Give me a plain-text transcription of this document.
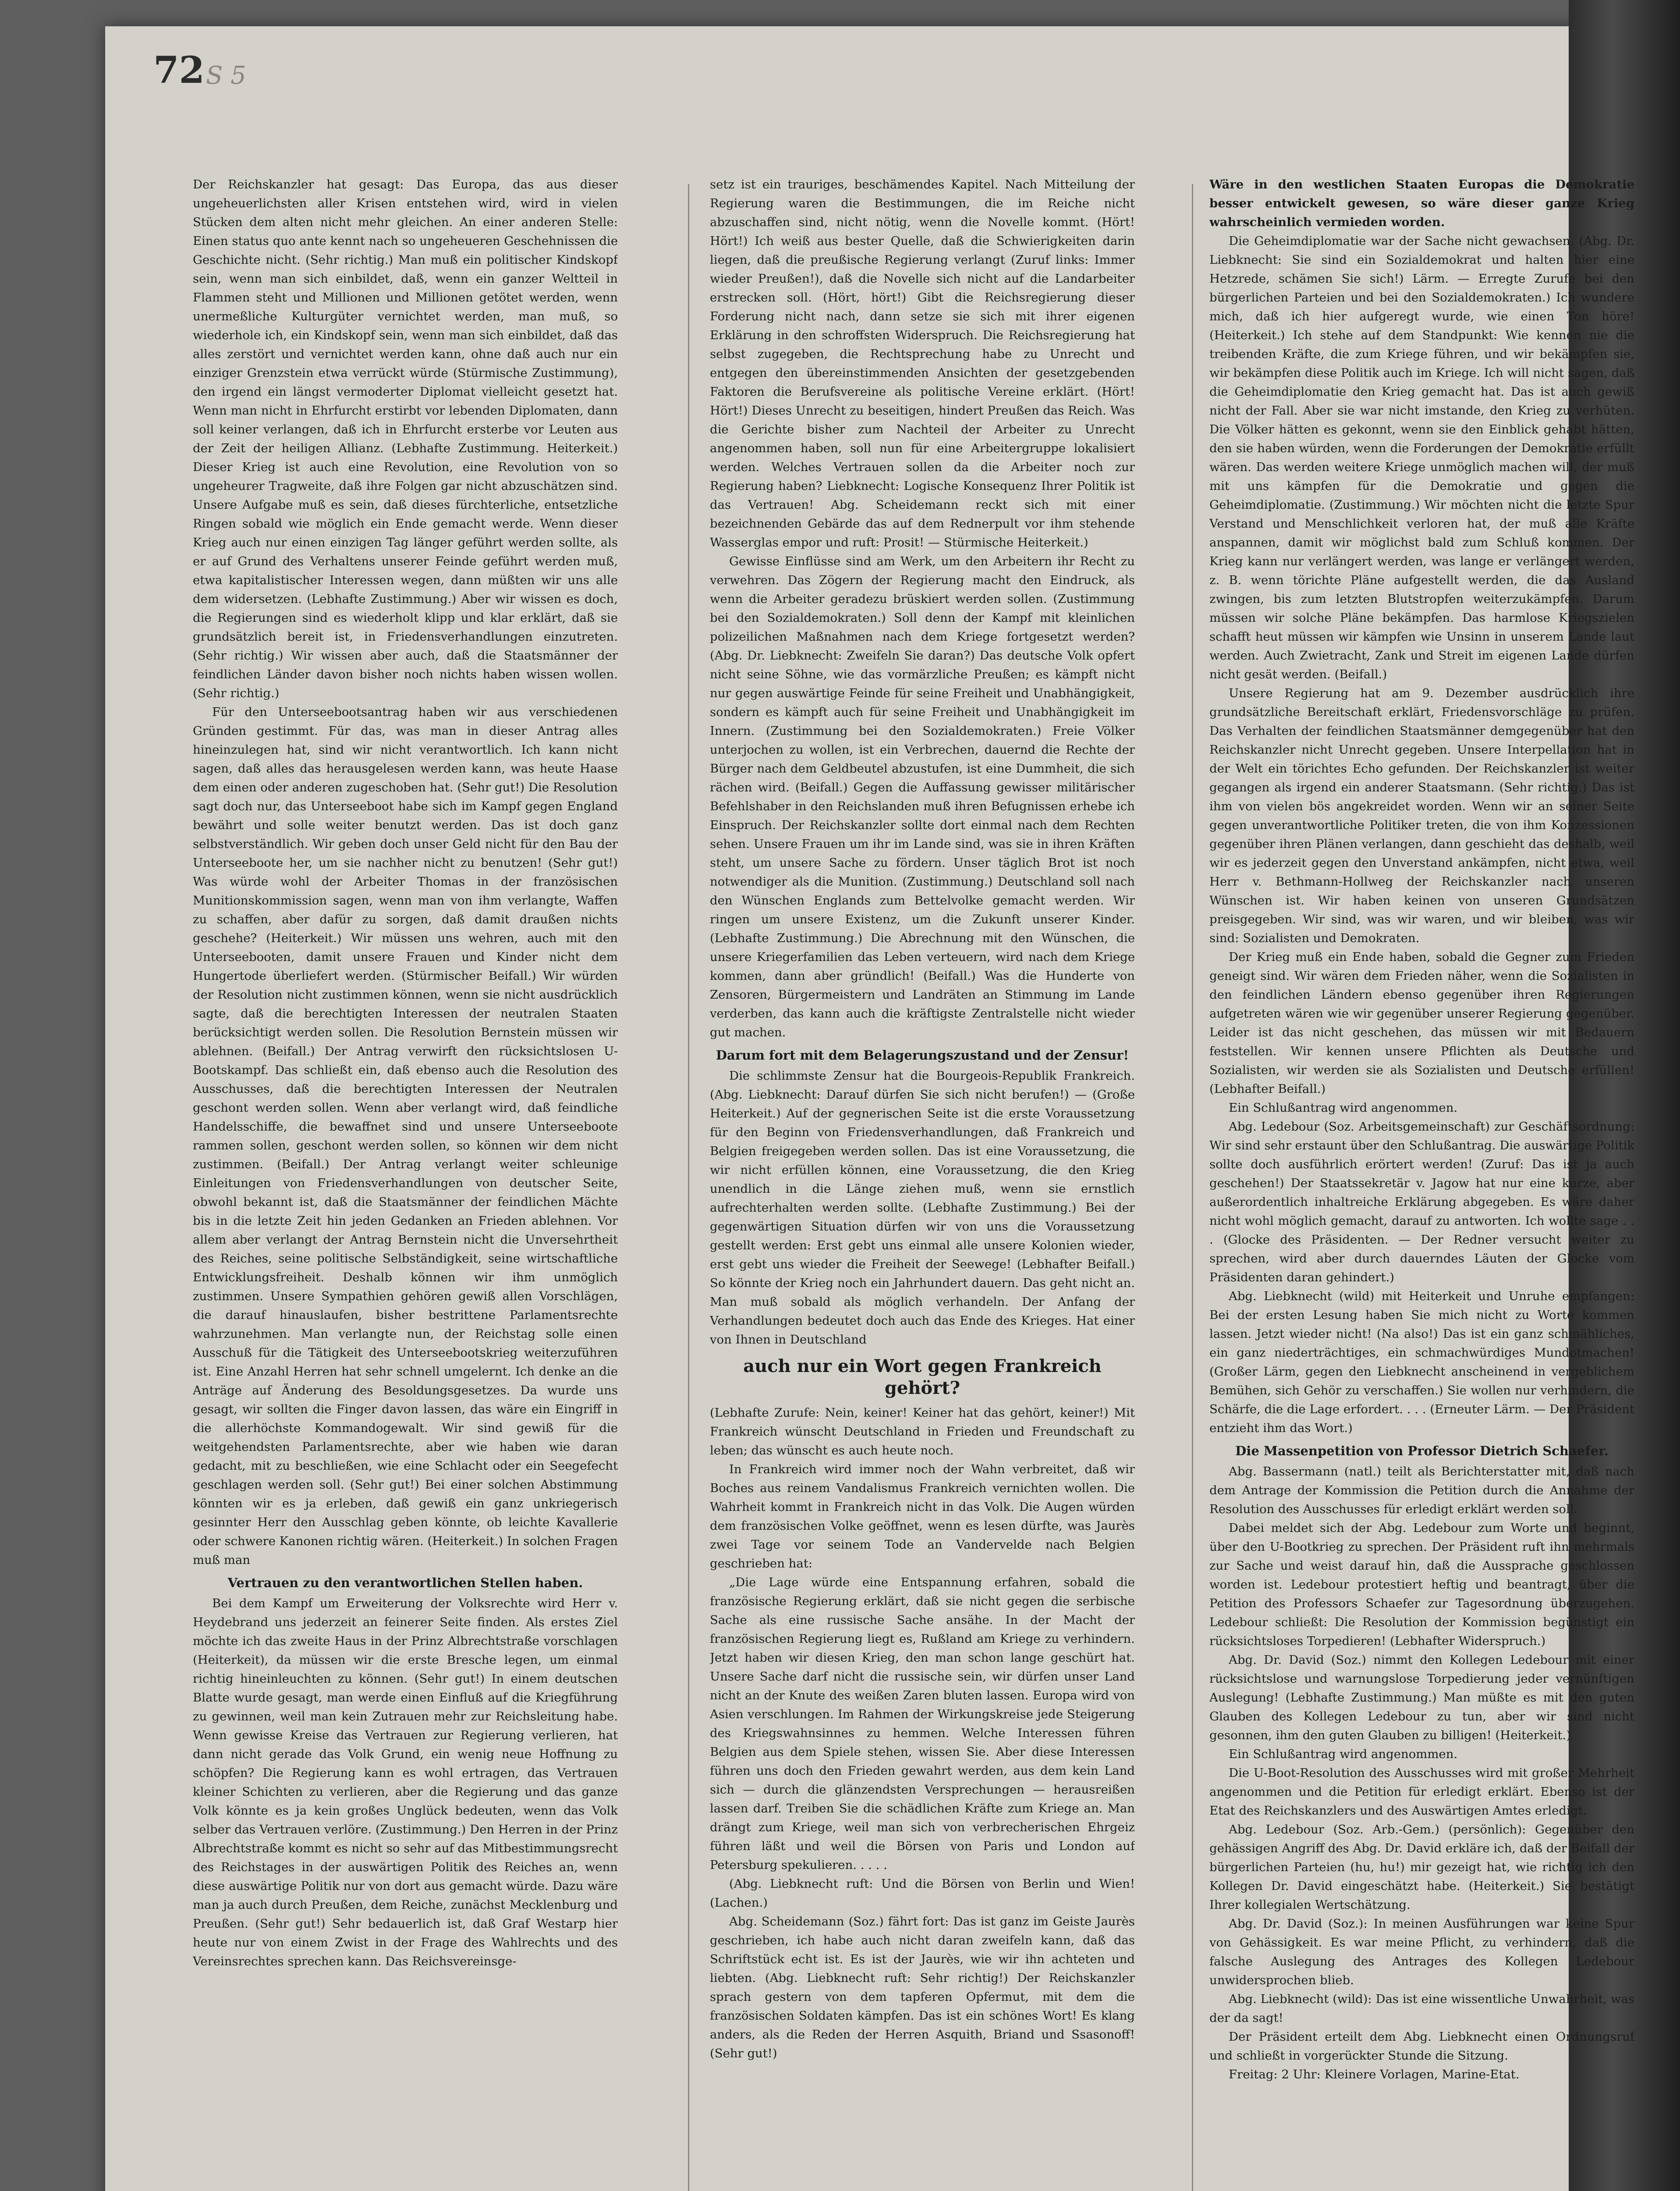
72 S 5

Der Reichskanzler hat gesagt: Das Europa, das aus dieser ungeheuerlichsten aller Krisen entstehen wird, wird in vielen Stücken dem alten nicht mehr gleichen. An einer anderen Stelle: Einen status quo ante kennt nach so ungeheueren Geschehnissen die Geschichte nicht. (Sehr richtig.) Man muß ein politischer Kindskopf sein, wenn man sich einbildet, daß, wenn ein ganzer Weltteil in Flammen steht und Millionen und Millionen getötet werden, wenn unermeßliche Kulturgüter vernichtet werden, man muß, so wiederhole ich, ein Kindskopf sein, wenn man sich einbildet, daß das alles zerstört und vernichtet werden kann, ohne daß auch nur ein einziger Grenzstein etwa verrückt würde (Stürmische Zustimmung), den irgend ein längst vermoderter Diplomat vielleicht gesetzt hat. Wenn man nicht in Ehrfurcht erstirbt vor lebenden Diplomaten, dann soll keiner verlangen, daß ich in Ehrfurcht ersterbe vor Leuten aus der Zeit der heiligen Allianz. (Lebhafte Zustimmung. Heiterkeit.) Dieser Krieg ist auch eine Revolution, eine Revolution von so ungeheurer Tragweite, daß ihre Folgen gar nicht abzuschätzen sind. Unsere Aufgabe muß es sein, daß dieses fürchterliche, entsetzliche Ringen sobald wie möglich ein Ende gemacht werde. Wenn dieser Krieg auch nur einen einzigen Tag länger geführt werden sollte, als er auf Grund des Verhaltens unserer Feinde geführt werden muß, etwa kapitalistischer Interessen wegen, dann müßten wir uns alle dem widersetzen. (Lebhafte Zustimmung.) Aber wir wissen es doch, die Regierungen sind es wiederholt klipp und klar erklärt, daß sie grundsätzlich bereit ist, in Friedensverhandlungen einzutreten. (Sehr richtig.) Wir wissen aber auch, daß die Staatsmänner der feindlichen Länder davon bisher noch nichts haben wissen wollen. (Sehr richtig.)

Für den Unterseebootsantrag haben wir aus verschiedenen Gründen gestimmt. Für das, was man in dieser Antrag alles hineinzulegen hat, sind wir nicht verantwortlich. Ich kann nicht sagen, daß alles das herausgelesen werden kann, was heute Haase dem einen oder anderen zugeschoben hat. (Sehr gut!) Die Resolution sagt doch nur, das Unterseeboot habe sich im Kampf gegen England bewährt und solle weiter benutzt werden. Das ist doch ganz selbstverständlich. Wir geben doch unser Geld nicht für den Bau der Unterseeboote her, um sie nachher nicht zu benutzen! (Sehr gut!) Was würde wohl der Arbeiter Thomas in der französischen Munitionskommission sagen, wenn man von ihm verlangte, Waffen zu schaffen, aber dafür zu sorgen, daß damit draußen nichts geschehe? (Heiterkeit.) Wir müssen uns wehren, auch mit den Unterseebooten, damit unsere Frauen und Kinder nicht dem Hungertode überliefert werden. (Stürmischer Beifall.) Wir würden der Resolution nicht zustimmen können, wenn sie nicht ausdrücklich sagte, daß die berechtigten Interessen der neutralen Staaten berücksichtigt werden sollen. Die Resolution Bernstein müssen wir ablehnen. (Beifall.) Der Antrag verwirft den rücksichtslosen U-Bootskampf. Das schließt ein, daß ebenso auch die Resolution des Ausschusses, daß die berechtigten Interessen der Neutralen geschont werden sollen. Wenn aber verlangt wird, daß feindliche Handelsschiffe, die bewaffnet sind und unsere Unterseeboote rammen sollen, geschont werden sollen, so können wir dem nicht zustimmen. (Beifall.) Der Antrag verlangt weiter schleunige Einleitungen von Friedensverhandlungen von deutscher Seite, obwohl bekannt ist, daß die Staatsmänner der feindlichen Mächte bis in die letzte Zeit hin jeden Gedanken an Frieden ablehnen. Vor allem aber verlangt der Antrag Bernstein nicht die Unversehrtheit des Reiches, seine politische Selbständigkeit, seine wirtschaftliche Entwicklungsfreiheit. Deshalb können wir ihm unmöglich zustimmen. Unsere Sympathien gehören gewiß allen Vorschlägen, die darauf hinauslaufen, bisher bestrittene Parlamentsrechte wahrzunehmen. Man verlangte nun, der Reichstag solle einen Ausschuß für die Tätigkeit des Unterseebootskrieg weiterzuführen ist. Eine Anzahl Herren hat sehr schnell umgelernt. Ich denke an die Anträge auf Änderung des Besoldungsgesetzes. Da wurde uns gesagt, wir sollten die Finger davon lassen, das wäre ein Eingriff in die allerhöchste Kommandogewalt. Wir sind gewiß für die weitgehendsten Parlamentsrechte, aber wie haben wie daran gedacht, mit zu beschließen, wie eine Schlacht oder ein Seegefecht geschlagen werden soll. (Sehr gut!) Bei einer solchen Abstimmung könnten wir es ja erleben, daß gewiß ein ganz unkriegerisch gesinnter Herr den Ausschlag geben könnte, ob leichte Kavallerie oder schwere Kanonen richtig wären. (Heiterkeit.) In solchen Fragen muß man

Vertrauen zu den verantwortlichen Stellen haben.

Bei dem Kampf um Erweiterung der Volksrechte wird Herr v. Heydebrand uns jederzeit an feinerer Seite finden. Als erstes Ziel möchte ich das zweite Haus in der Prinz Albrechtstraße vorschlagen (Heiterkeit), da müssen wir die erste Bresche legen, um einmal richtig hineinleuchten zu können. (Sehr gut!) In einem deutschen Blatte wurde gesagt, man werde einen Einfluß auf die Kriegführung zu gewinnen, weil man kein Zutrauen mehr zur Reichsleitung habe. Wenn gewisse Kreise das Vertrauen zur Regierung verlieren, hat dann nicht gerade das Volk Grund, ein wenig neue Hoffnung zu schöpfen? Die Regierung kann es wohl ertragen, das Vertrauen kleiner Schichten zu verlieren, aber die Regierung und das ganze Volk könnte es ja kein großes Unglück bedeuten, wenn das Volk selber das Vertrauen verlöre. (Zustimmung.) Den Herren in der Prinz Albrechtstraße kommt es nicht so sehr auf das Mitbestimmungsrecht des Reichstages in der auswärtigen Politik des Reiches an, wenn diese auswärtige Politik nur von dort aus gemacht würde. Dazu wäre man ja auch durch Preußen, dem Reiche, zunächst Mecklenburg und Preußen. (Sehr gut!) Sehr bedauerlich ist, daß Graf Westarp hier heute nur von einem Zwist in der Frage des Wahlrechts und des Vereinsrechtes sprechen kann. Das Reichsvereinsge-

setz ist ein trauriges, beschämendes Kapitel. Nach Mitteilung der Regierung waren die Bestimmungen, die im Reiche nicht abzuschaffen sind, nicht nötig, wenn die Novelle kommt. (Hört! Hört!) Ich weiß aus bester Quelle, daß die Schwierigkeiten darin liegen, daß die preußische Regierung verlangt (Zuruf links: Immer wieder Preußen!), daß die Novelle sich nicht auf die Landarbeiter erstrecken soll. (Hört, hört!) Gibt die Reichsregierung dieser Forderung nicht nach, dann setze sie sich mit ihrer eigenen Erklärung in den schroffsten Widerspruch. Die Reichsregierung hat selbst zugegeben, die Rechtsprechung habe zu Unrecht und entgegen den übereinstimmenden Ansichten der gesetzgebenden Faktoren die Berufsvereine als politische Vereine erklärt. (Hört! Hört!) Dieses Unrecht zu beseitigen, hindert Preußen das Reich. Was die Gerichte bisher zum Nachteil der Arbeiter zu Unrecht angenommen haben, soll nun für eine Arbeitergruppe lokalisiert werden. Welches Vertrauen sollen da die Arbeiter noch zur Regierung haben? Liebknecht: Logische Konsequenz Ihrer Politik ist das Vertrauen! Abg. Scheidemann reckt sich mit einer bezeichnenden Gebärde das auf dem Rednerpult vor ihm stehende Wasserglas empor und ruft: Prosit! — Stürmische Heiterkeit.)

Gewisse Einflüsse sind am Werk, um den Arbeitern ihr Recht zu verwehren. Das Zögern der Regierung macht den Eindruck, als wenn die Arbeiter geradezu brüskiert werden sollen. (Zustimmung bei den Sozialdemokraten.) Soll denn der Kampf mit kleinlichen polizeilichen Maßnahmen nach dem Kriege fortgesetzt werden? (Abg. Dr. Liebknecht: Zweifeln Sie daran?) Das deutsche Volk opfert nicht seine Söhne, wie das vormärzliche Preußen; es kämpft nicht nur gegen auswärtige Feinde für seine Freiheit und Unabhängigkeit, sondern es kämpft auch für seine Freiheit und Unabhängigkeit im Innern. (Zustimmung bei den Sozialdemokraten.) Freie Völker unterjochen zu wollen, ist ein Verbrechen, dauernd die Rechte der Bürger nach dem Geldbeutel abzustufen, ist eine Dummheit, die sich rächen wird. (Beifall.) Gegen die Auffassung gewisser militärischer Befehlshaber in den Reichslanden muß ihren Befugnissen erhebe ich Einspruch. Der Reichskanzler sollte dort einmal nach dem Rechten sehen. Unsere Frauen um ihr im Lande sind, was sie in ihren Kräften steht, um unsere Sache zu fördern. Unser täglich Brot ist noch notwendiger als die Munition. (Zustimmung.) Deutschland soll nach den Wünschen Englands zum Bettelvolke gemacht werden. Wir ringen um unsere Existenz, um die Zukunft unserer Kinder. (Lebhafte Zustimmung.) Die Abrechnung mit den Wünschen, die unsere Kriegerfamilien das Leben verteuern, wird nach dem Kriege kommen, dann aber gründlich! (Beifall.) Was die Hunderte von Zensoren, Bürgermeistern und Landräten an Stimmung im Lande verderben, das kann auch die kräftigste Zentralstelle nicht wieder gut machen.

Darum fort mit dem Belagerungszustand und der Zensur!

Die schlimmste Zensur hat die Bourgeois-Republik Frankreich. (Abg. Liebknecht: Darauf dürfen Sie sich nicht berufen!) — (Große Heiterkeit.) Auf der gegnerischen Seite ist die erste Voraussetzung für den Beginn von Friedensverhandlungen, daß Frankreich und Belgien freigegeben werden sollen. Das ist eine Voraussetzung, die wir nicht erfüllen können, eine Voraussetzung, die den Krieg unendlich in die Länge ziehen muß, wenn sie ernstlich aufrechterhalten werden sollte. (Lebhafte Zustimmung.) Bei der gegenwärtigen Situation dürfen wir von uns die Voraussetzung gestellt werden: Erst gebt uns einmal alle unsere Kolonien wieder, erst gebt uns wieder die Freiheit der Seewege! (Lebhafter Beifall.) So könnte der Krieg noch ein Jahrhundert dauern. Das geht nicht an. Man muß sobald als möglich verhandeln. Der Anfang der Verhandlungen bedeutet doch auch das Ende des Krieges. Hat einer von Ihnen in Deutschland

auch nur ein Wort gegen Frankreich gehört?

(Lebhafte Zurufe: Nein, keiner! Keiner hat das gehört, keiner!) Mit Frankreich wünscht Deutschland in Frieden und Freundschaft zu leben; das wünscht es auch heute noch.

In Frankreich wird immer noch der Wahn verbreitet, daß wir Boches aus reinem Vandalismus Frankreich vernichten wollen. Die Wahrheit kommt in Frankreich nicht in das Volk. Die Augen würden dem französischen Volke geöffnet, wenn es lesen dürfte, was Jaurès zwei Tage vor seinem Tode an Vandervelde nach Belgien geschrieben hat:

„Die Lage würde eine Entspannung erfahren, sobald die französische Regierung erklärt, daß sie nicht gegen die serbische Sache als eine russische Sache ansähe. In der Macht der französischen Regierung liegt es, Rußland am Kriege zu verhindern. Jetzt haben wir diesen Krieg, den man schon lange geschürt hat. Unsere Sache darf nicht die russische sein, wir dürfen unser Land nicht an der Knute des weißen Zaren bluten lassen. Europa wird von Asien verschlungen. Im Rahmen der Wirkungskreise jede Steigerung des Kriegswahnsinnes zu hemmen. Welche Interessen führen Belgien aus dem Spiele stehen, wissen Sie. Aber diese Interessen führen uns doch den Frieden gewahrt werden, aus dem kein Land sich — durch die glänzendsten Versprechungen — herausreißen lassen darf. Treiben Sie die schädlichen Kräfte zum Kriege an. Man drängt zum Kriege, weil man sich von verbrecherischen Ehrgeiz führen läßt und weil die Börsen von Paris und London auf Petersburg spekulieren. . . . .

(Abg. Liebknecht ruft: Und die Börsen von Berlin und Wien! (Lachen.)

Abg. Scheidemann (Soz.) fährt fort: Das ist ganz im Geiste Jaurès geschrieben, ich habe auch nicht daran zweifeln kann, daß das Schriftstück echt ist. Es ist der Jaurès, wie wir ihn achteten und liebten. (Abg. Liebknecht ruft: Sehr richtig!) Der Reichskanzler sprach gestern von dem tapferen Opfermut, mit dem die französischen Soldaten kämpfen. Das ist ein schönes Wort! Es klang anders, als die Reden der Herren Asquith, Briand und Ssasonoff! (Sehr gut!)

Wäre in den westlichen Staaten Europas die Demokratie besser entwickelt gewesen, so wäre dieser ganze Krieg wahrscheinlich vermieden worden.

Die Geheimdiplomatie war der Sache nicht gewachsen. (Abg. Dr. Liebknecht: Sie sind ein Sozialdemokrat und halten hier eine Hetzrede, schämen Sie sich!) Lärm. — Erregte Zurufe bei den bürgerlichen Parteien und bei den Sozialdemokraten.) Ich wundere mich, daß ich hier aufgeregt wurde, wie einen Ton höre! (Heiterkeit.) Ich stehe auf dem Standpunkt: Wie kennen nie die treibenden Kräfte, die zum Kriege führen, und wir bekämpfen sie, wir bekämpfen diese Politik auch im Kriege. Ich will nicht sagen, daß die Geheimdiplomatie den Krieg gemacht hat. Das ist auch gewiß nicht der Fall. Aber sie war nicht imstande, den Krieg zu verhüten. Die Völker hätten es gekonnt, wenn sie den Einblick gehabt hätten, den sie haben würden, wenn die Forderungen der Demokratie erfüllt wären. Das werden weitere Kriege unmöglich machen will, der muß mit uns kämpfen für die Demokratie und gegen die Geheimdiplomatie. (Zustimmung.) Wir möchten nicht die letzte Spur Verstand und Menschlichkeit verloren hat, der muß alle Kräfte anspannen, damit wir möglichst bald zum Schluß kommen. Der Krieg kann nur verlängert werden, was lange er verlängert werden, z. B. wenn törichte Pläne aufgestellt werden, die das Ausland zwingen, bis zum letzten Blutstropfen weiterzukämpfen. Darum müssen wir solche Pläne bekämpfen. Das harmlose Kriegszielen schafft heut müssen wir kämpfen wie Unsinn in unserem Lande laut werden. Auch Zwietracht, Zank und Streit im eigenen Lande dürfen nicht gesät werden. (Beifall.)

Unsere Regierung hat am 9. Dezember ausdrücklich ihre grundsätzliche Bereitschaft erklärt, Friedensvorschläge zu prüfen. Das Verhalten der feindlichen Staatsmänner demgegenüber hat den Reichskanzler nicht Unrecht gegeben. Unsere Interpellation hat in der Welt ein törichtes Echo gefunden. Der Reichskanzler ist weiter gegangen als irgend ein anderer Staatsmann. (Sehr richtig.) Das ist ihm von vielen bös angekreidet worden. Wenn wir an seiner Seite gegen unverantwortliche Politiker treten, die von ihm Konzessionen gegenüber ihren Plänen verlangen, dann geschieht das deshalb, weil wir es jederzeit gegen den Unverstand ankämpfen, nicht etwa, weil Herr v. Bethmann-Hollweg der Reichskanzler nach unseren Wünschen ist. Wir haben keinen von unseren Grundsätzen preisgegeben. Wir sind, was wir waren, und wir bleiben, was wir sind: Sozialisten und Demokraten.

Der Krieg muß ein Ende haben, sobald die Gegner zum Frieden geneigt sind. Wir wären dem Frieden näher, wenn die Sozialisten in den feindlichen Ländern ebenso gegenüber ihren Regierungen aufgetreten wären wie wir gegenüber unserer Regierung gegenüber. Leider ist das nicht geschehen, das müssen wir mit Bedauern feststellen. Wir kennen unsere Pflichten als Deutsche und Sozialisten, wir werden sie als Sozialisten und Deutsche erfüllen! (Lebhafter Beifall.)

Ein Schlußantrag wird angenommen.

Abg. Ledebour (Soz. Arbeitsgemeinschaft) zur Geschäftsordnung: Wir sind sehr erstaunt über den Schlußantrag. Die auswärtige Politik sollte doch ausführlich erörtert werden! (Zuruf: Das ist ja auch geschehen!) Der Staatssekretär v. Jagow hat nur eine kurze, aber außerordentlich inhaltreiche Erklärung abgegeben. Es wäre daher nicht wohl möglich gemacht, darauf zu antworten. Ich wollte sage . . . (Glocke des Präsidenten. — Der Redner versucht weiter zu sprechen, wird aber durch dauerndes Läuten der Glocke vom Präsidenten daran gehindert.)

Abg. Liebknecht (wild) mit Heiterkeit und Unruhe empfangen: Bei der ersten Lesung haben Sie mich nicht zu Worte kommen lassen. Jetzt wieder nicht! (Na also!) Das ist ein ganz schmähliches, ein ganz niederträchtiges, ein schmachwürdiges Mundotmachen! (Großer Lärm, gegen den Liebknecht anscheinend in vergeblichem Bemühen, sich Gehör zu verschaffen.) Sie wollen nur verhindern, die Schärfe, die die Lage erfordert. . . . (Erneuter Lärm. — Der Präsident entzieht ihm das Wort.)

Die Massenpetition von Professor Dietrich Schaefer.

Abg. Bassermann (natl.) teilt als Berichterstatter mit, daß nach dem Antrage der Kommission die Petition durch die Annahme der Resolution des Ausschusses für erledigt erklärt werden soll.

Dabei meldet sich der Abg. Ledebour zum Worte und beginnt, über den U-Bootkrieg zu sprechen. Der Präsident ruft ihn mehrmals zur Sache und weist darauf hin, daß die Aussprache geschlossen worden ist. Ledebour protestiert heftig und beantragt, über die Petition des Professors Schaefer zur Tagesordnung überzugehen. Ledebour schließt: Die Resolution der Kommission begünstigt ein rücksichtsloses Torpedieren! (Lebhafter Widerspruch.)

Abg. Dr. David (Soz.) nimmt den Kollegen Ledebour mit einer rücksichtslose und warnungslose Torpedierung jeder vernünftigen Auslegung! (Lebhafte Zustimmung.) Man müßte es mit den guten Glauben des Kollegen Ledebour zu tun, aber wir sind nicht gesonnen, ihm den guten Glauben zu billigen! (Heiterkeit.)

Ein Schlußantrag wird angenommen.

Die U-Boot-Resolution des Ausschusses wird mit großer Mehrheit angenommen und die Petition für erledigt erklärt. Ebenso ist der Etat des Reichskanzlers und des Auswärtigen Amtes erledigt.

Abg. Ledebour (Soz. Arb.-Gem.) (persönlich): Gegenüber den gehässigen Angriff des Abg. Dr. David erkläre ich, daß der Beifall der bürgerlichen Parteien (hu, hu!) mir gezeigt hat, wie richtig ich den Kollegen Dr. David eingeschätzt habe. (Heiterkeit.) Sie bestätigt Ihrer kollegialen Wertschätzung.

Abg. Dr. David (Soz.): In meinen Ausführungen war keine Spur von Gehässigkeit. Es war meine Pflicht, zu verhindern, daß die falsche Auslegung des Antrages des Kollegen Ledebour unwidersprochen blieb.

Abg. Liebknecht (wild): Das ist eine wissentliche Unwahrheit, was der da sagt!

Der Präsident erteilt dem Abg. Liebknecht einen Ordnungsruf und schließt in vorgerückter Stunde die Sitzung.

Freitag: 2 Uhr: Kleinere Vorlagen, Marine-Etat.
